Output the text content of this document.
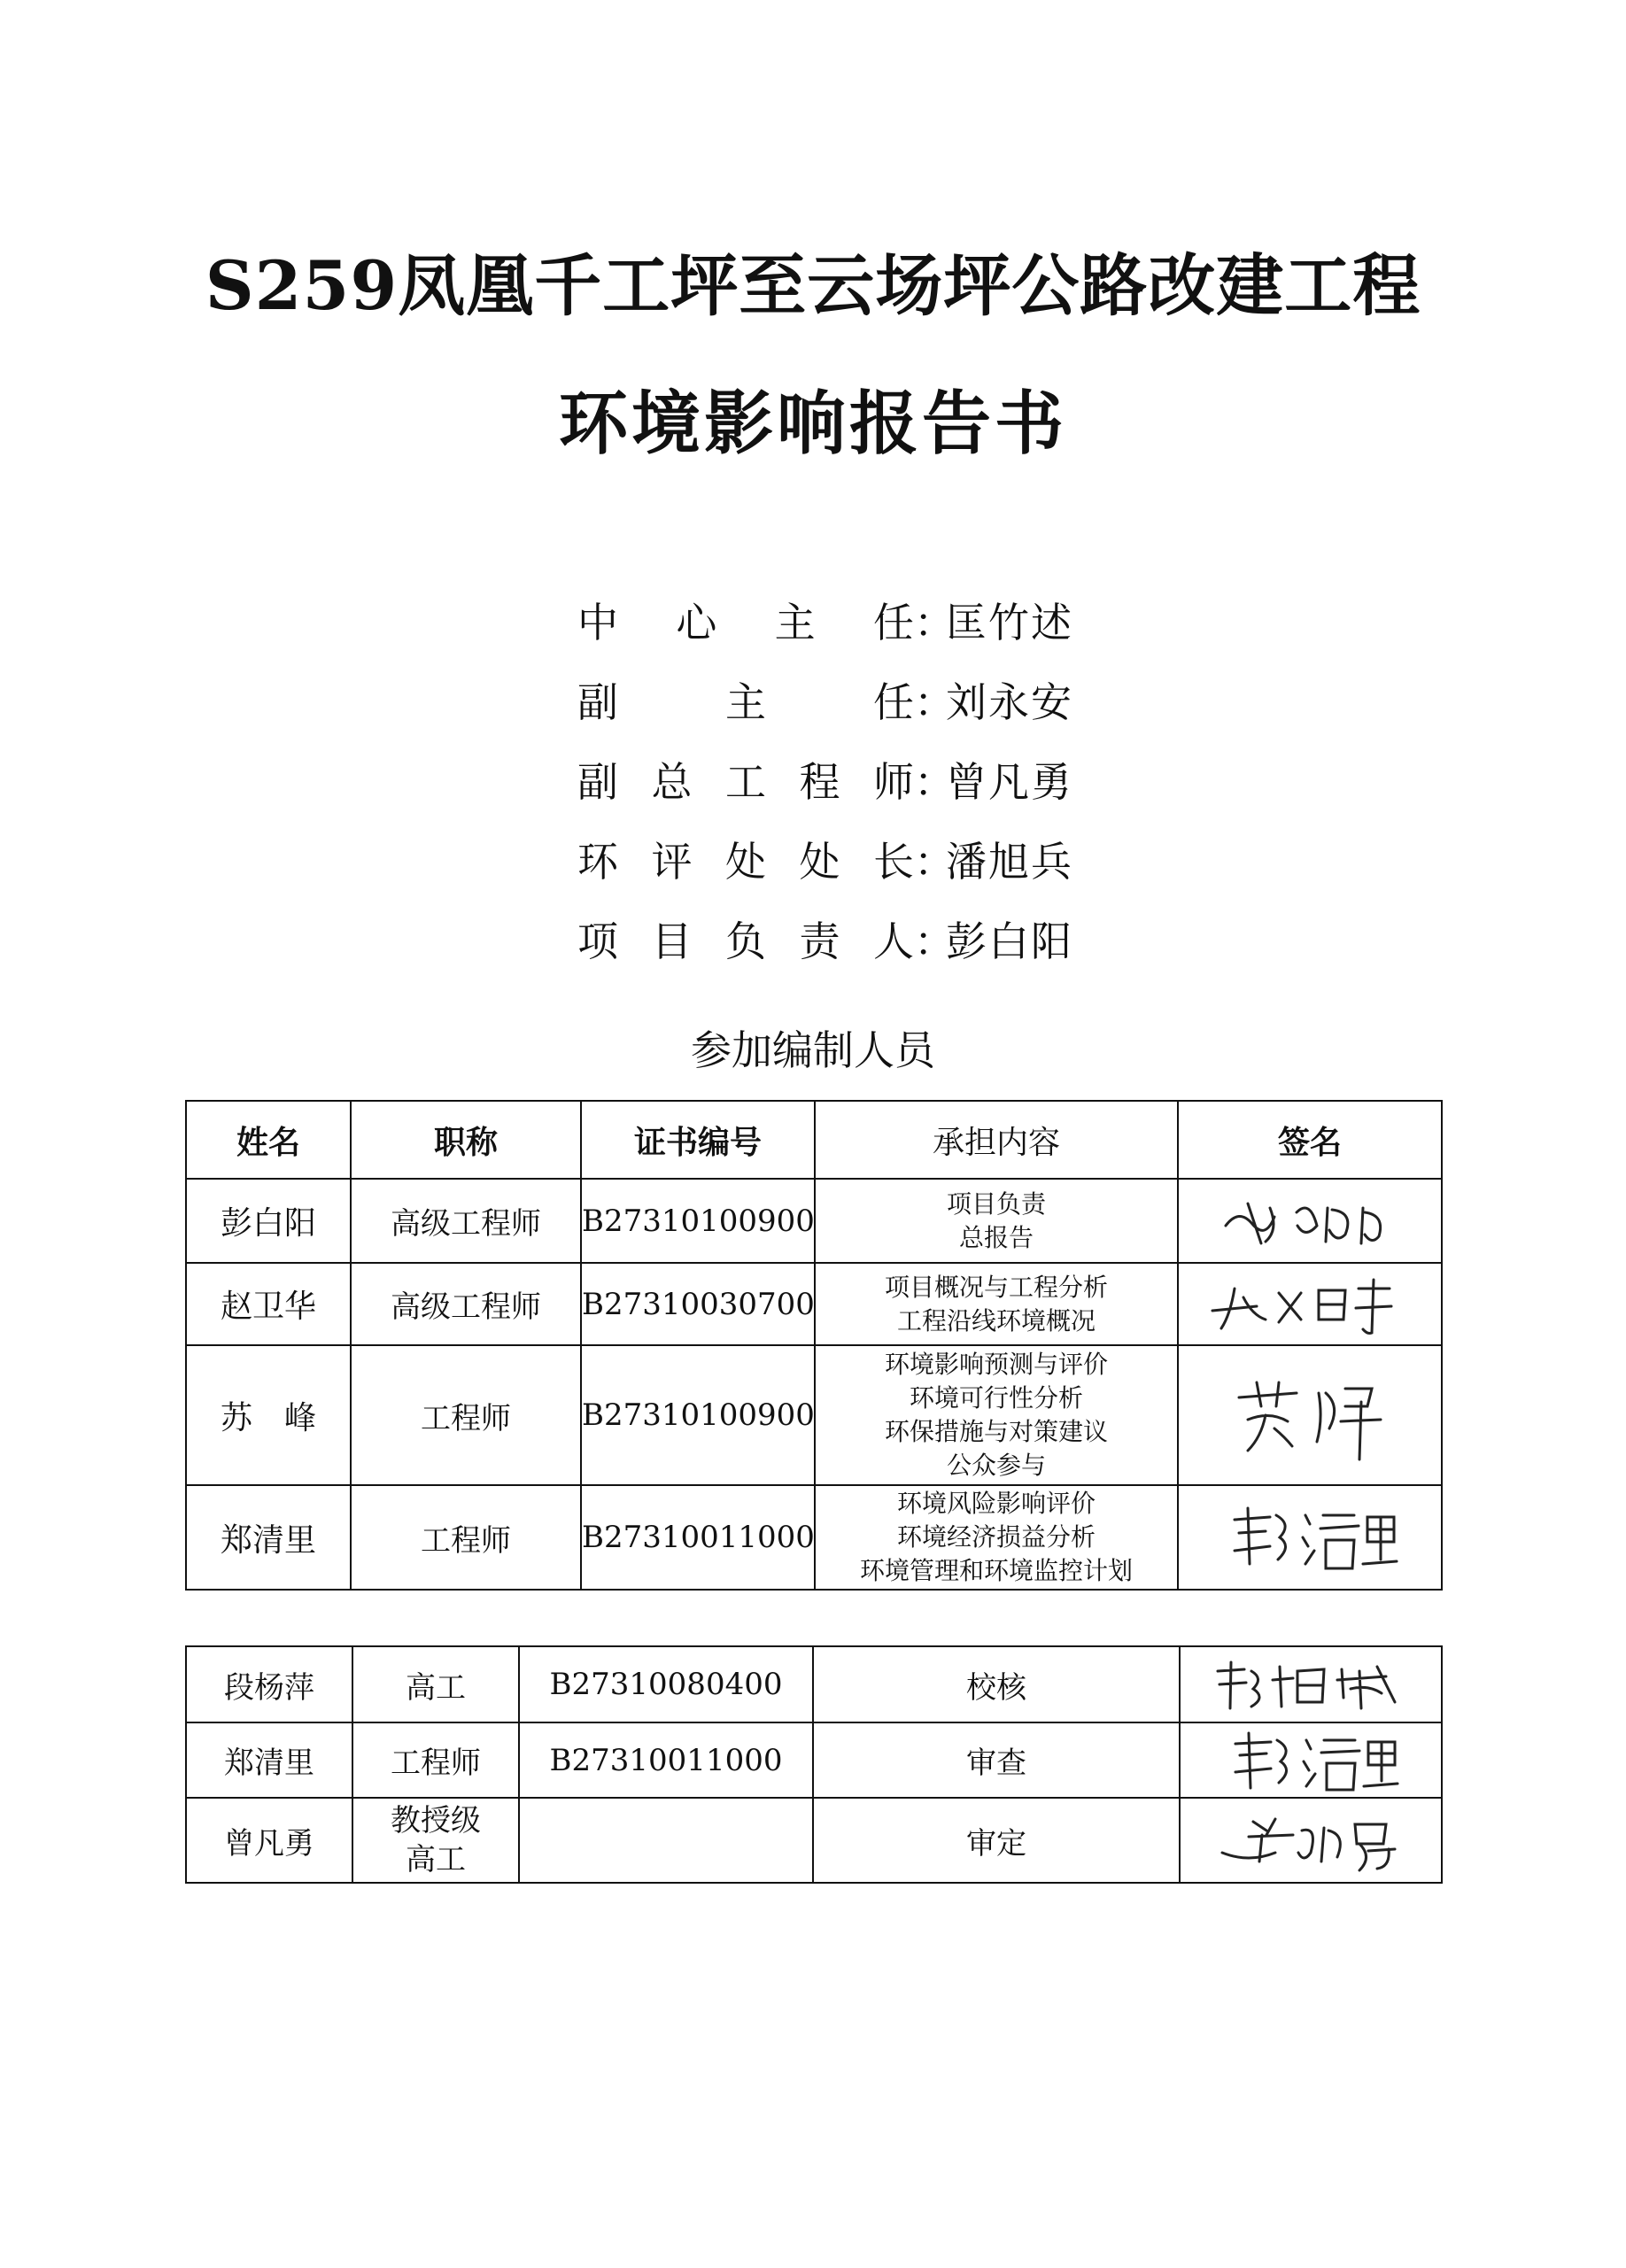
S259凤凰千工坪至云场坪公路改建工程
环境影响报告书
中 心 主 任 ：
匡竹述
副	主	任 ：
刘永安
副 总 工 程 师 ：
曾凡勇
环 评 处 处 长 ：
潘旭兵
项 目 负 责 人 ：
彭白阳
参加编制人员
姓名	职称	证书编号	承担内容	签名
彭白阳	高级工程师	B27310100900	项目负责
总报告

赵卫华	高级工程师	B27310030700	项目概况与工程分析
工程沿线环境概况

苏　峰	工程师	B27310100900	环境影响预测与评价
环境可行性分析
环保措施与对策建议
公众参与

郑清里	工程师	B27310011000	环境风险影响评价
环境经济损益分析
环境管理和环境监控计划

段杨萍	高工	B27310080400	校核	

郑清里	工程师	B27310011000	审查	

曾凡勇	教授级
高工		审定	
